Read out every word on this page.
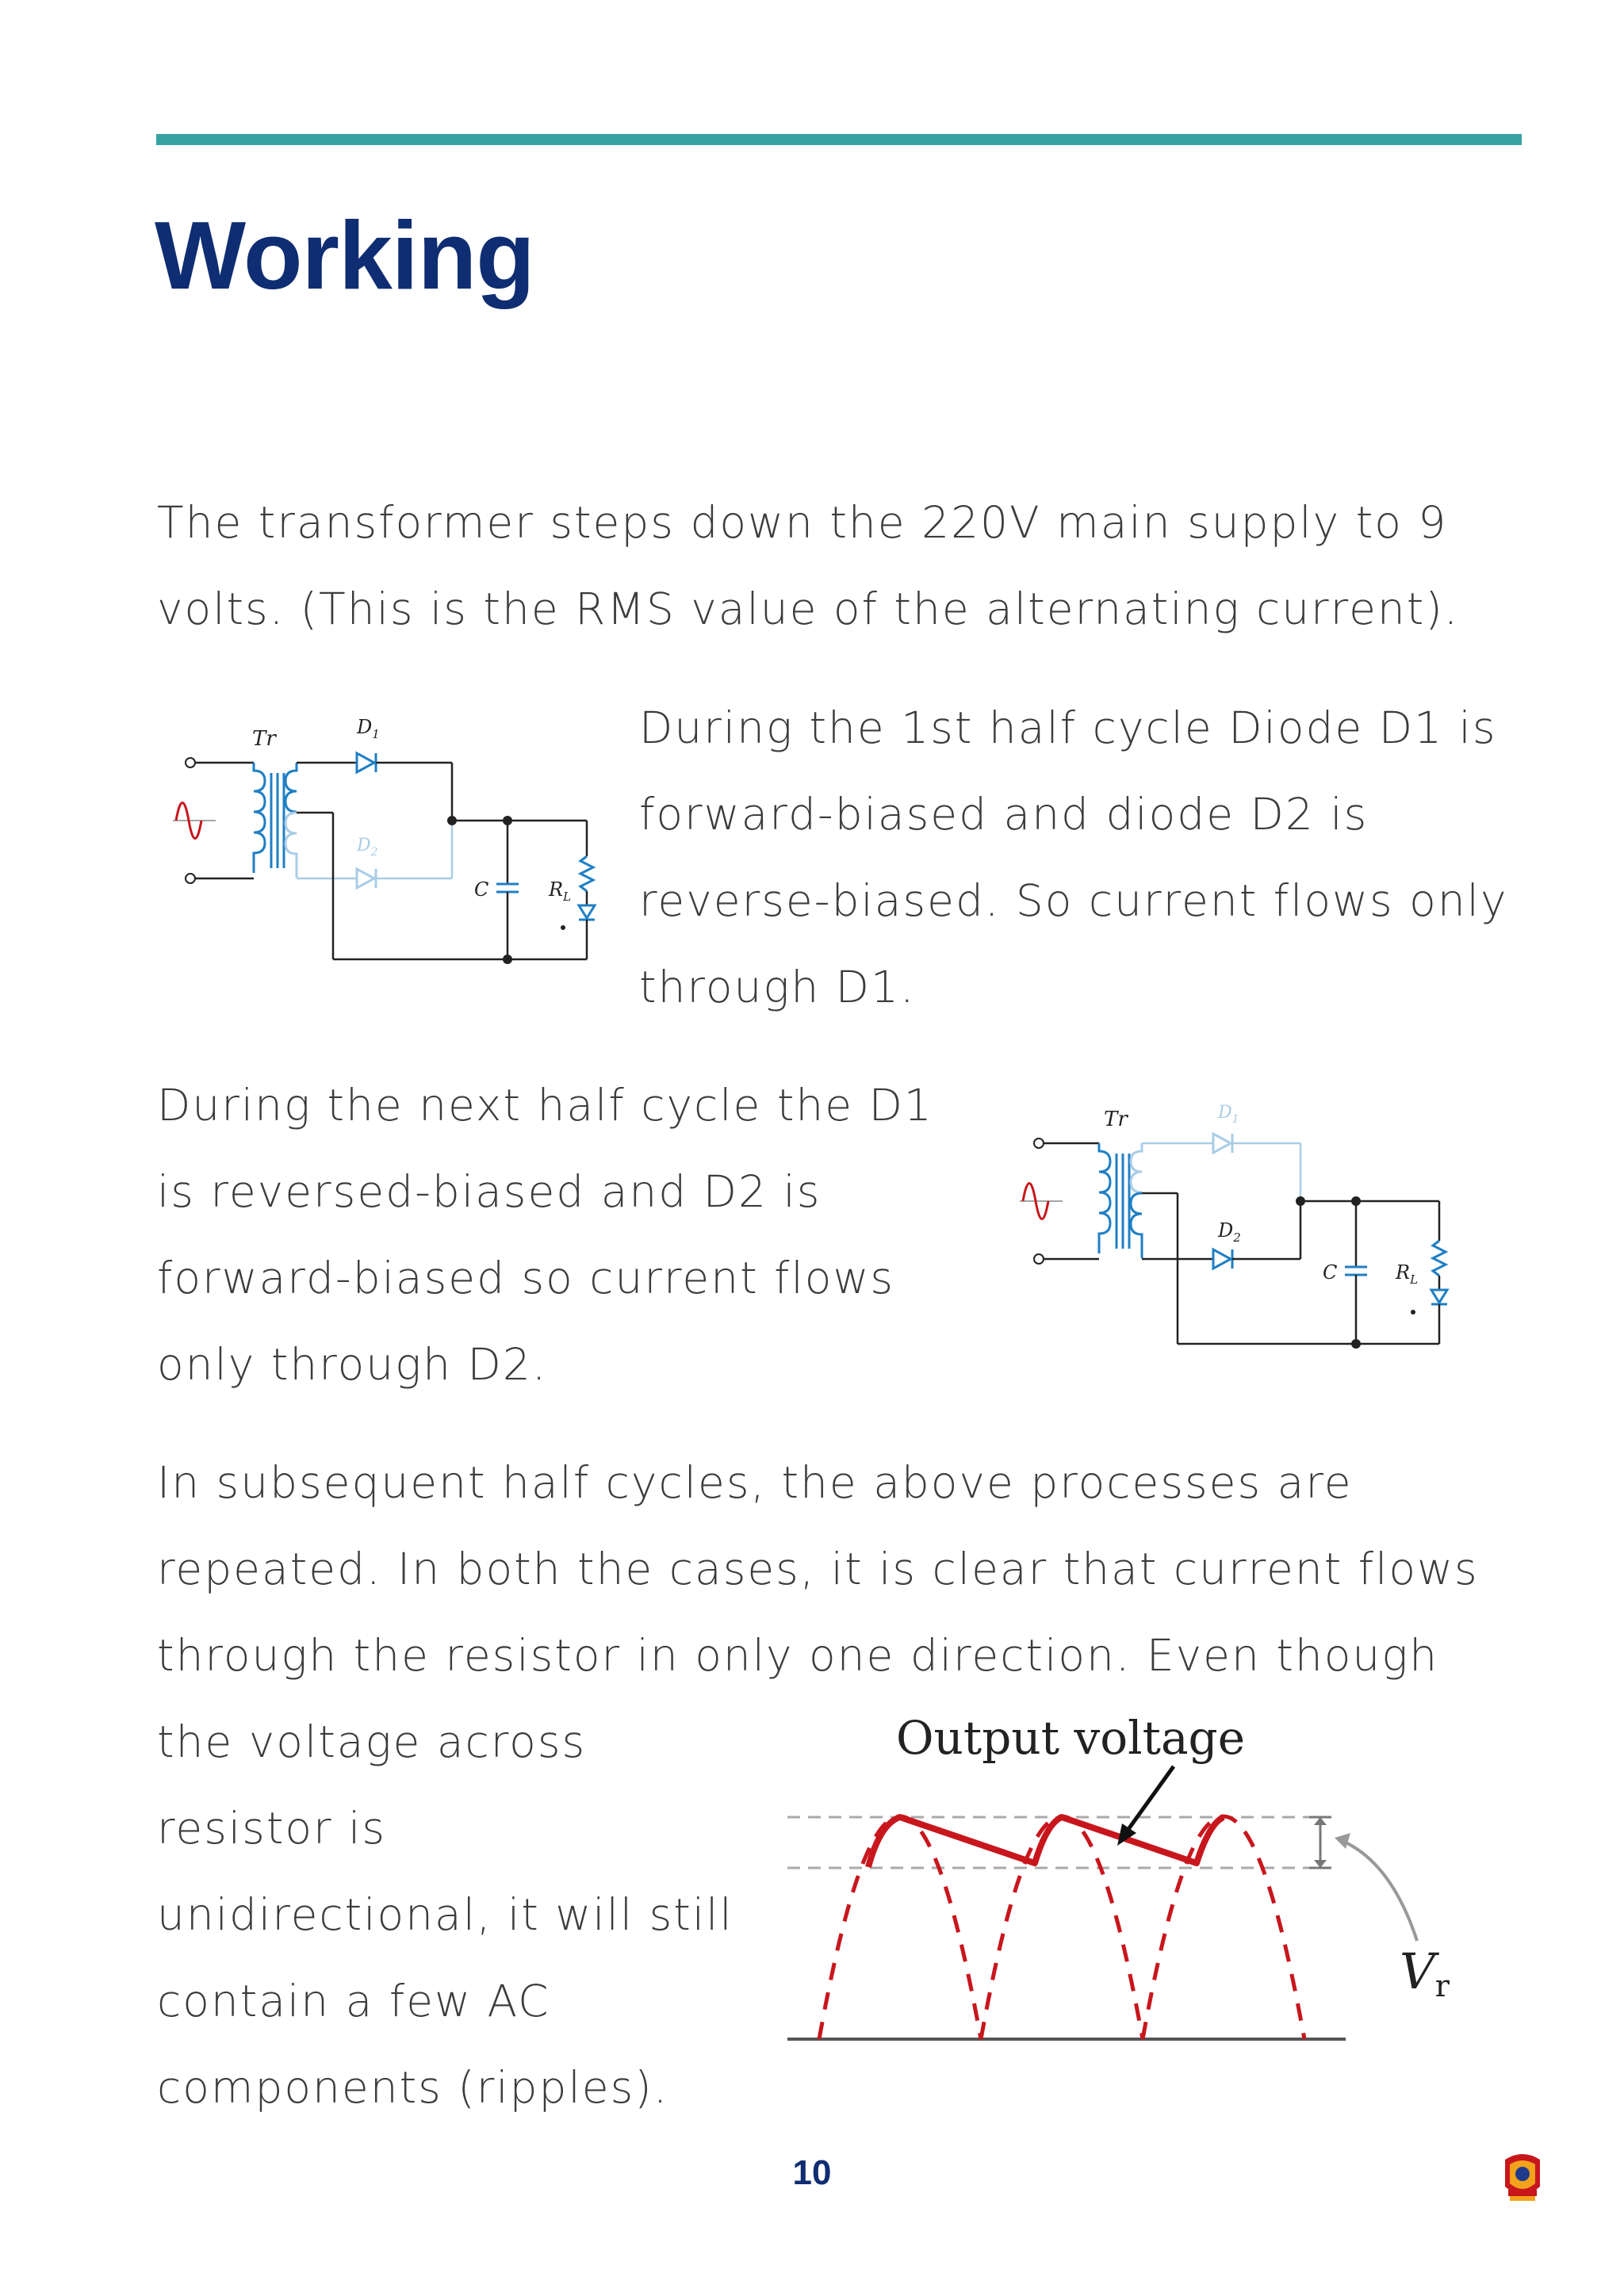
Working

The transformer steps down the 220V main supply to 9 volts. (This is the RMS value of the alternating current).

Tr	$D_1$
$D_2$
C	$R_L$

During the 1st half cycle Diode D1 is forward-biased and diode D2 is reverse-biased. So current flows only through D1.

During the next half cycle the D1 is reversed-biased and D2 is forward-biased so current flows only through D2.

Tr	$D_1$
$D_2$
C	$R_L$

In subsequent half cycles, the above processes are repeated. In both the cases, it is clear that current flows through the resistor in only one direction. Even though

the voltage across resistor is unidirectional, it will still contain a few AC components (ripples).

Output voltage
Vr
10
